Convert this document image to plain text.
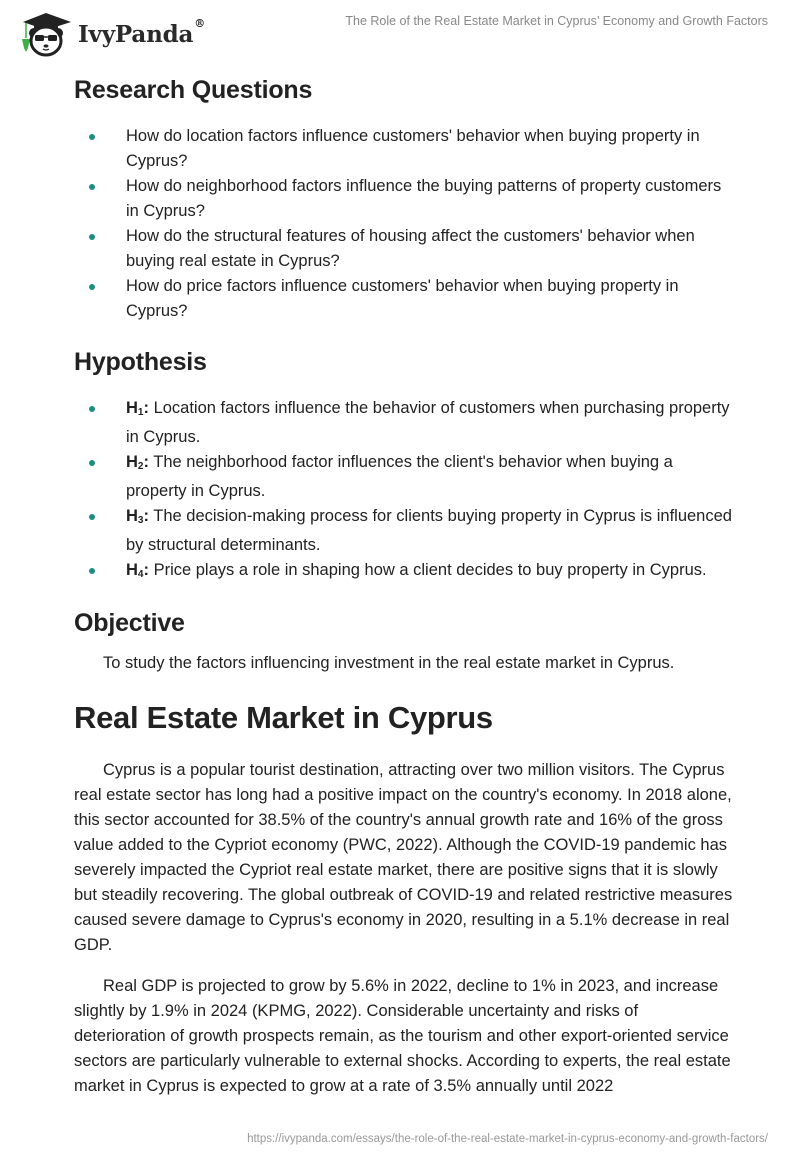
IvyPanda®	The Role of the Real Estate Market in Cyprus’ Economy and Growth Factors
Research Questions
How do location factors influence customers' behavior when buying property in Cyprus?
How do neighborhood factors influence the buying patterns of property customers in Cyprus?
How do the structural features of housing affect the customers' behavior when buying real estate in Cyprus?
How do price factors influence customers' behavior when buying property in Cyprus?
Hypothesis
$H_1$: Location factors influence the behavior of customers when purchasing property in Cyprus.
$H_2$: The neighborhood factor influences the client's behavior when buying a property in Cyprus.
$H_3$: The decision-making process for clients buying property in Cyprus is influenced by structural determinants.
$H_4$: Price plays a role in shaping how a client decides to buy property in Cyprus.
Objective

To study the factors influencing investment in the real estate market in Cyprus.

Real Estate Market in Cyprus

Cyprus is a popular tourist destination, attracting over two million visitors. The Cyprus real estate sector has long had a positive impact on the country's economy. In 2018 alone, this sector accounted for 38.5% of the country's annual growth rate and 16% of the gross value added to the Cypriot economy (PWC, 2022). Although the COVID-19 pandemic has severely impacted the Cypriot real estate market, there are positive signs that it is slowly but steadily recovering. The global outbreak of COVID-19 and related restrictive measures caused severe damage to Cyprus's economy in 2020, resulting in a 5.1% decrease in real GDP.

Real GDP is projected to grow by 5.6% in 2022, decline to 1% in 2023, and increase slightly by 1.9% in 2024 (KPMG, 2022). Considerable uncertainty and risks of deterioration of growth prospects remain, as the tourism and other export-oriented service sectors are particularly vulnerable to external shocks. According to experts, the real estate market in Cyprus is expected to grow at a rate of 3.5% annually until 2022

https://ivypanda.com/essays/the-role-of-the-real-estate-market-in-cyprus-economy-and-growth-factors/
